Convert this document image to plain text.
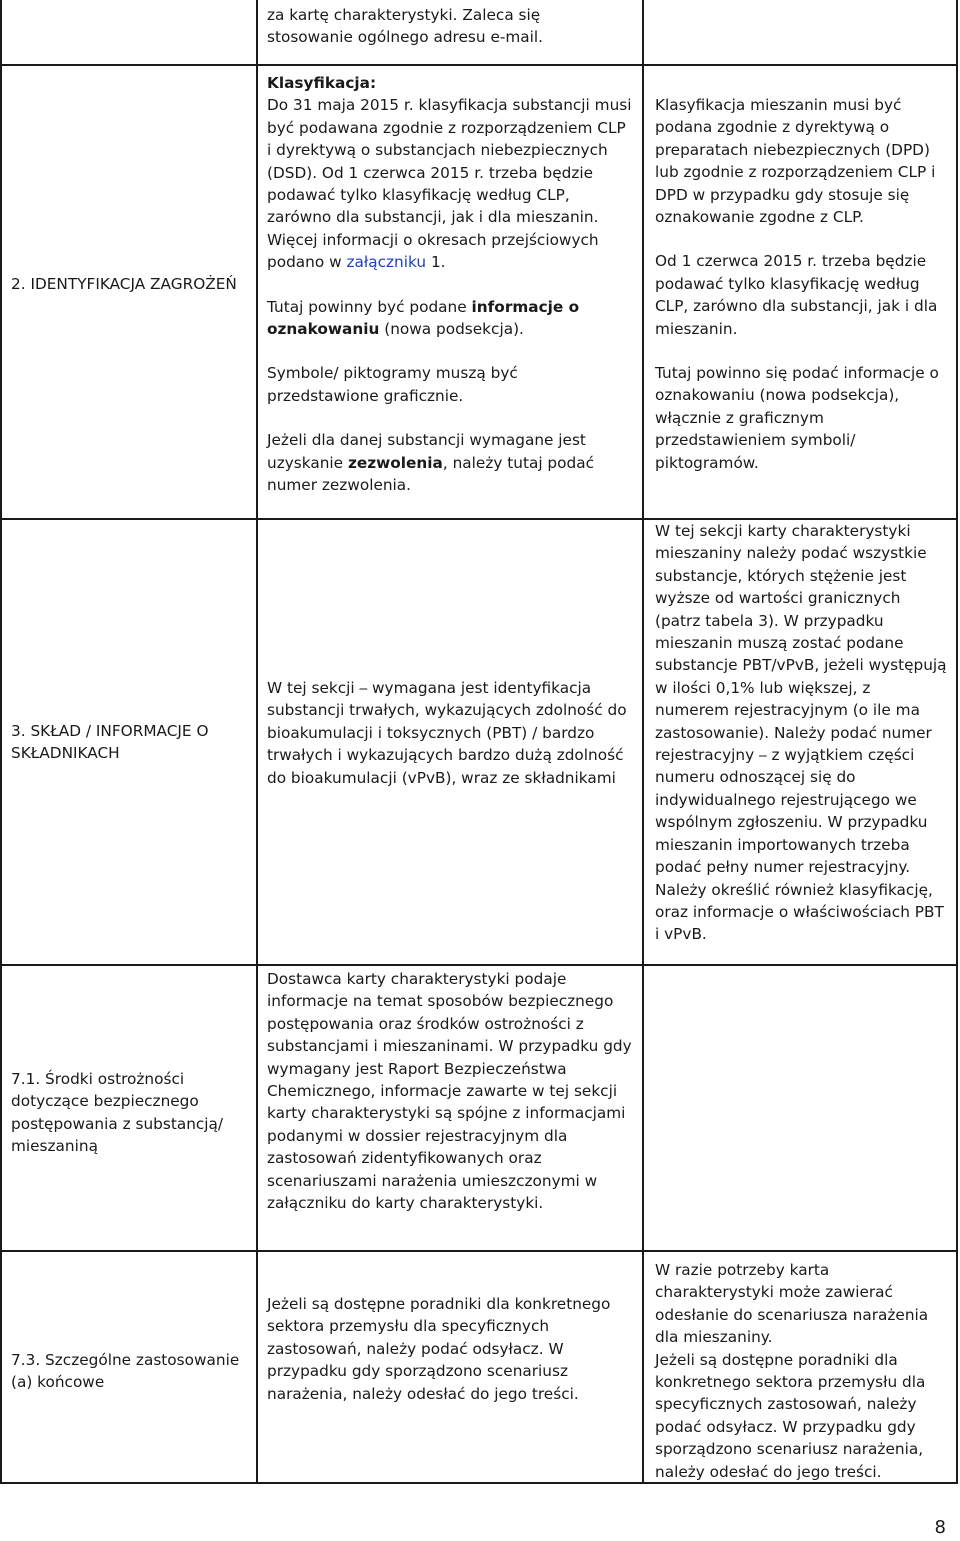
za kartę charakterystyki. Zaleca się

stosowanie ogólnego adresu e-mail.

2. IDENTYFIKACJA ZAGROŻEŃ

Klasyfikacja:

Do 31 maja 2015 r. klasyfikacja substancji musi być podawana zgodnie z rozporządzeniem CLP i dyrektywą o substancjach niebezpiecznych (DSD). Od 1 czerwca 2015 r. trzeba będzie podawać tylko klasyfikację według CLP, zarówno dla substancji, jak i dla mieszanin. Więcej informacji o okresach przejściowych podano w załączniku 1.

Tutaj powinny być podane informacje o oznakowaniu (nowa podsekcja).

Symbole/ piktogramy muszą być przedstawione graficznie.

Jeżeli dla danej substancji wymagane jest uzyskanie zezwolenia, należy tutaj podać numer zezwolenia.

Klasyfikacja mieszanin musi być podana zgodnie z dyrektywą o preparatach niebezpiecznych (DPD) lub zgodnie z rozporządzeniem CLP i DPD w przypadku gdy stosuje się oznakowanie zgodne z CLP.

Od 1 czerwca 2015 r. trzeba będzie podawać tylko klasyfikację według CLP, zarówno dla substancji, jak i dla mieszanin.

Tutaj powinno się podać informacje o oznakowaniu (nowa podsekcja), włącznie z graficznym przedstawieniem symboli/ piktogramów.

3. SKŁAD / INFORMACJE O SKŁADNIKACH

W tej sekcji ⎯ wymagana jest identyfikacja substancji trwałych, wykazujących zdolność do bioakumulacji i toksycznych (PBT) / bardzo trwałych i wykazujących bardzo dużą zdolność do bioakumulacji (vPvB), wraz ze składnikami

W tej sekcji karty charakterystyki mieszaniny należy podać wszystkie substancje, których stężenie jest wyższe od wartości granicznych (patrz tabela 3). W przypadku mieszanin muszą zostać podane substancje PBT/vPvB, jeżeli występują w ilości 0,1% lub większej, z numerem rejestracyjnym (o ile ma zastosowanie). Należy podać numer rejestracyjny ⎯ z wyjątkiem części numeru odnoszącej się do indywidualnego rejestrującego we wspólnym zgłoszeniu. W przypadku mieszanin importowanych trzeba podać pełny numer rejestracyjny. Należy określić również klasyfikację, oraz informacje o właściwościach PBT i vPvB.

7.1. Środki ostrożności dotyczące bezpiecznego postępowania z substancją/ mieszaniną

Dostawca karty charakterystyki podaje informacje na temat sposobów bezpiecznego postępowania oraz środków ostrożności z substancjami i mieszaninami. W przypadku gdy wymagany jest Raport Bezpieczeństwa Chemicznego, informacje zawarte w tej sekcji karty charakterystyki są spójne z informacjami podanymi w dossier rejestracyjnym dla zastosowań zidentyfikowanych oraz scenariuszami narażenia umieszczonymi w załączniku do karty charakterystyki.

7.3. Szczególne zastosowanie (a) końcowe

Jeżeli są dostępne poradniki dla konkretnego sektora przemysłu dla specyficznych zastosowań, należy podać odsyłacz. W przypadku gdy sporządzono scenariusz narażenia, należy odesłać do jego treści.

W razie potrzeby karta charakterystyki może zawierać odesłanie do scenariusza narażenia dla mieszaniny.

Jeżeli są dostępne poradniki dla konkretnego sektora przemysłu dla specyficznych zastosowań, należy podać odsyłacz. W przypadku gdy sporządzono scenariusz narażenia, należy odesłać do jego treści.

8
